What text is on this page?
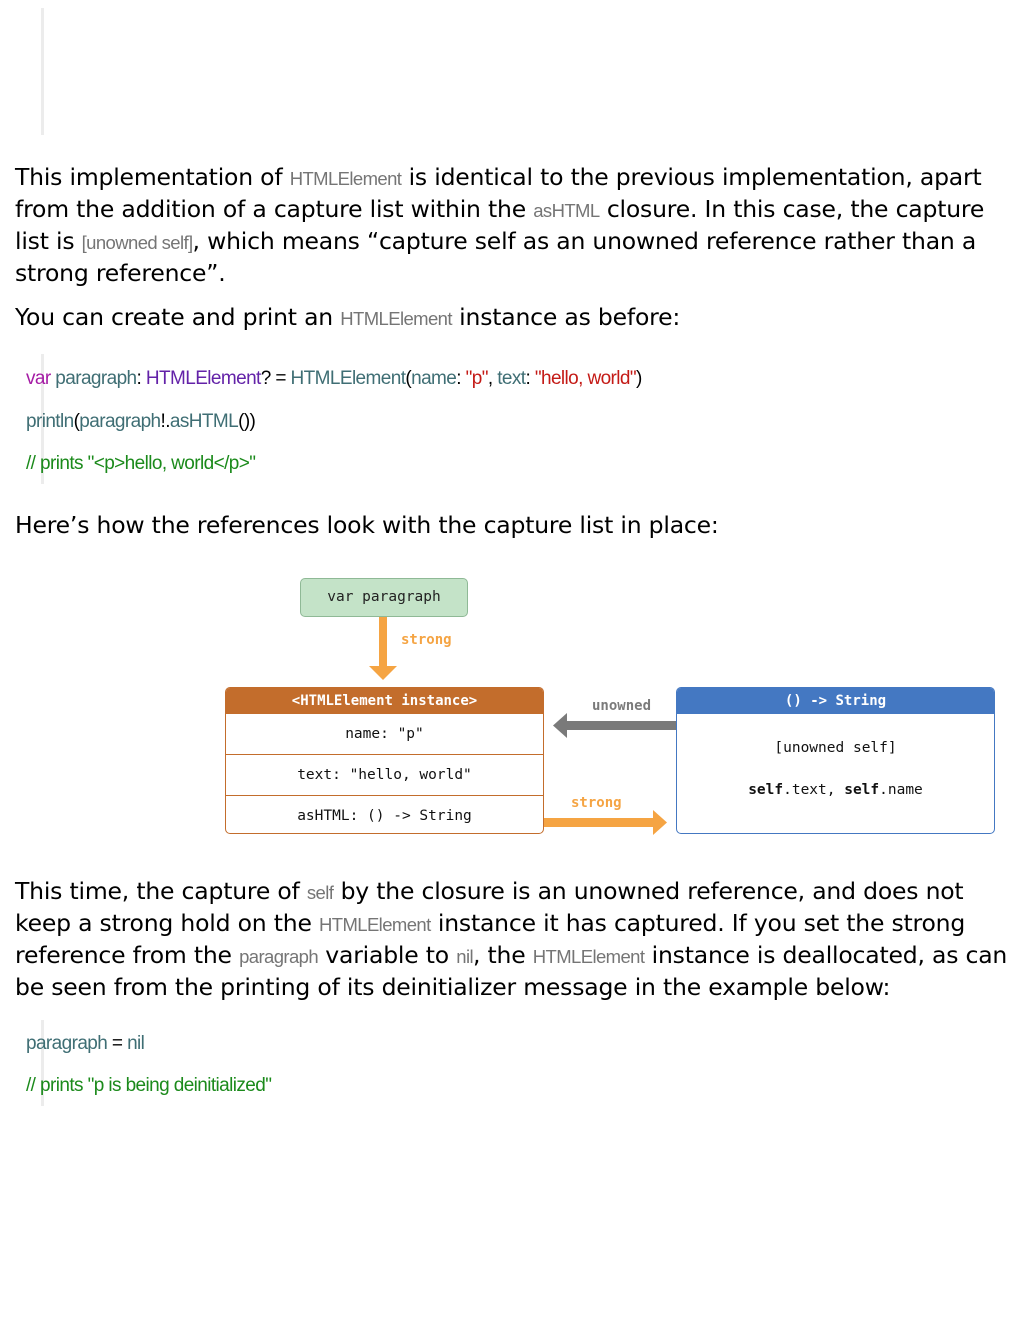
This implementation of HTMLElement is identical to the previous implementation, apart from the addition of a capture list within the asHTML closure. In this case, the capture list is [unowned self], which means “capture self as an unowned reference rather than a strong reference”.

You can create and print an HTMLElement instance as before:

var paragraph: HTMLElement? = HTMLElement(name: "p", text: "hello, world")
println(paragraph!.asHTML())
// prints "<p>hello, world</p>"

Here’s how the references look with the capture list in place:

var paragraph
strong
<HTMLElement instance>
name: "p"
text: "hello, world"
asHTML: () -> String
unowned
strong
() -> String
[unowned self]
self.text, self.name

This time, the capture of self by the closure is an unowned reference, and does not keep a strong hold on the HTMLElement instance it has captured. If you set the strong reference from the paragraph variable to nil, the HTMLElement instance is deallocated, as can be seen from the printing of its deinitializer message in the example below:

paragraph = nil
// prints "p is being deinitialized"
